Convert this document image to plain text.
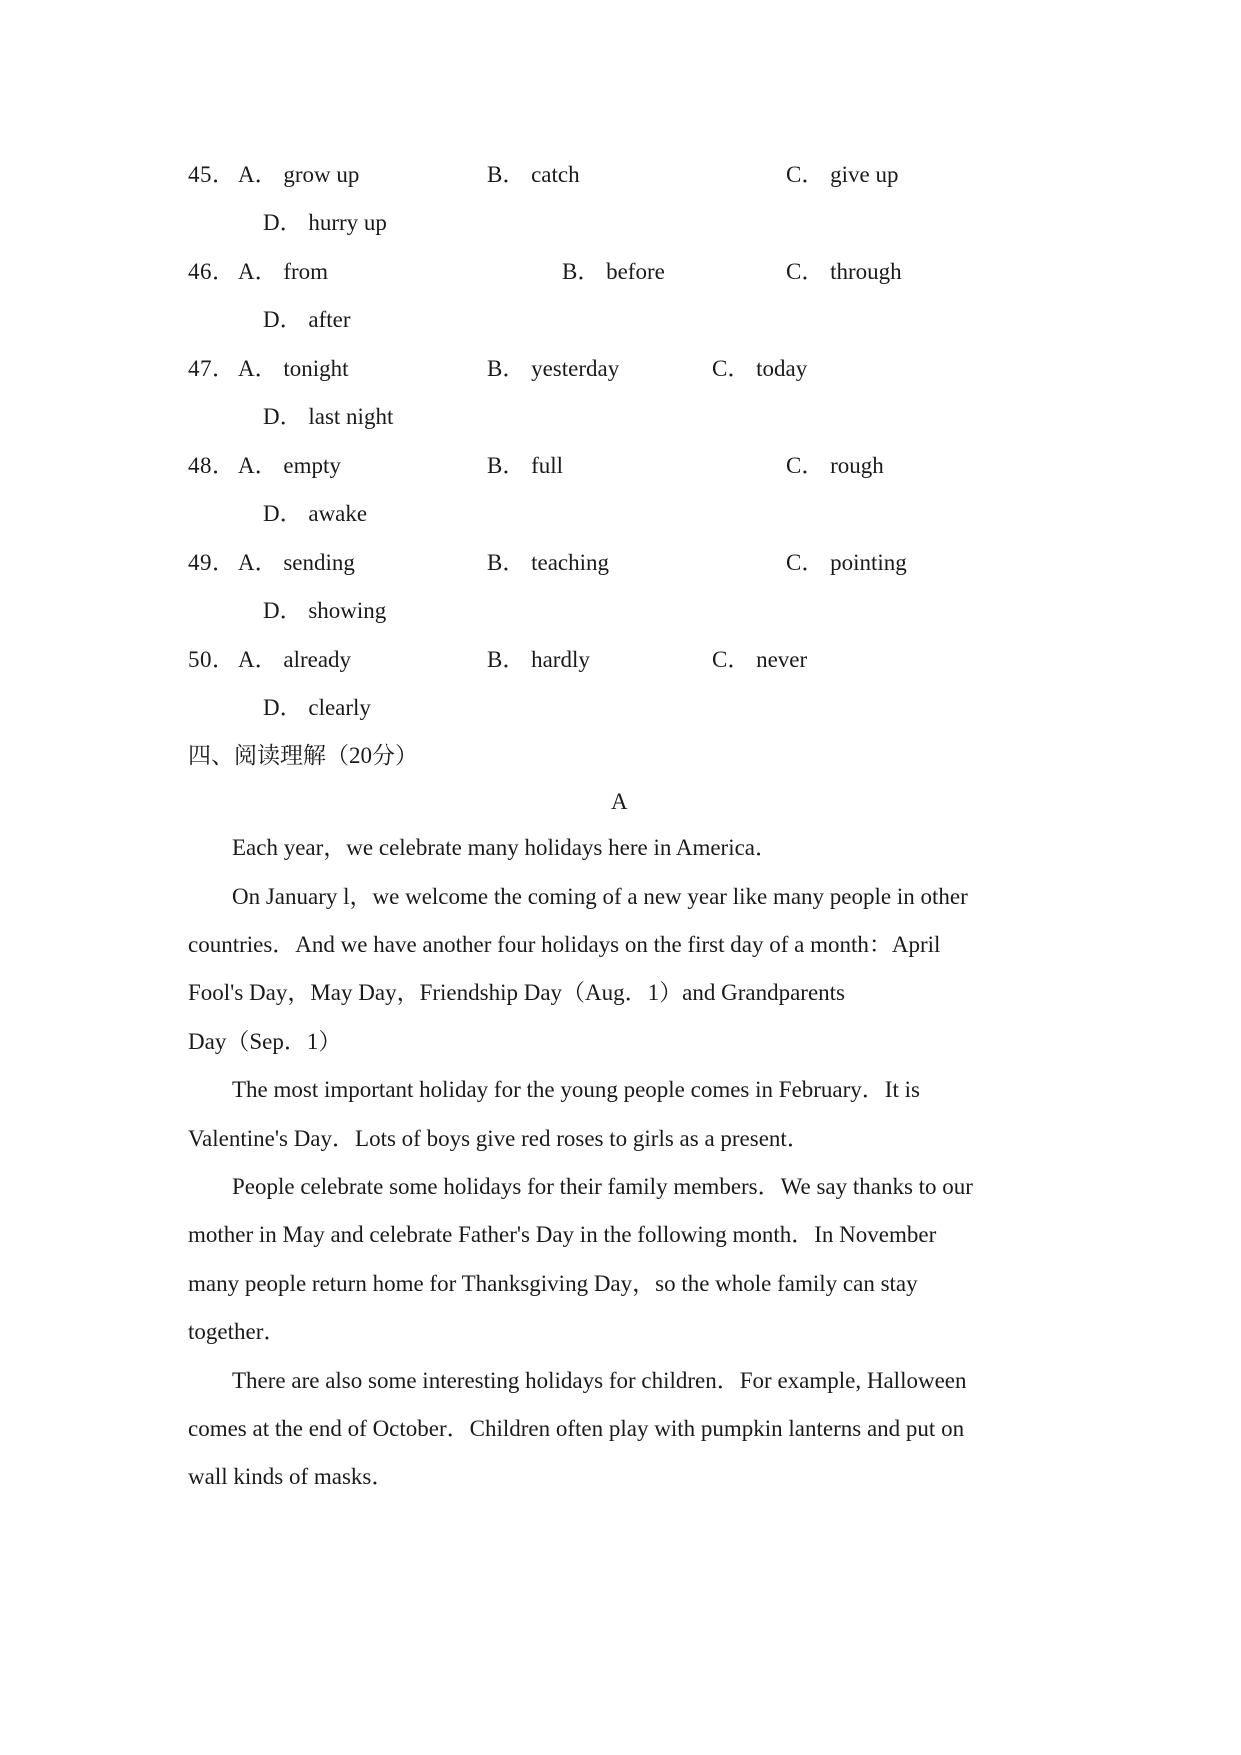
45． A． grow up	B． catch	C． give up
D． hurry up
46． A． from	B． before	C． through
D． after
47． A． tonight	B． yesterday	C． today
D． last night
48． A． empty	B． full	C． rough
D． awake
49． A． sending	B． teaching	C． pointing
D． showing
50． A． already	B． hardly	C． never
D． clearly
四、阅读理解（20分）
A
Each year，we celebrate many holidays here in America．
On January l，we welcome the coming of a new year like many people in other
countries．And we have another four holidays on the first day of a month：April
Fool's Day，May Day，Friendship Day（Aug．1）and Grandparents
Day（Sep．1）
The most important holiday for the young people comes in February．It is
Valentine's Day．Lots of boys give red roses to girls as a present．
People celebrate some holidays for their family members．We say thanks to our
mother in May and celebrate Father's Day in the following month．In November
many people return home for Thanksgiving Day，so the whole family can stay
together．
There are also some interesting holidays for children．For example, Halloween
comes at the end of October．Children often play with pumpkin lanterns and put on
wall kinds of masks．
